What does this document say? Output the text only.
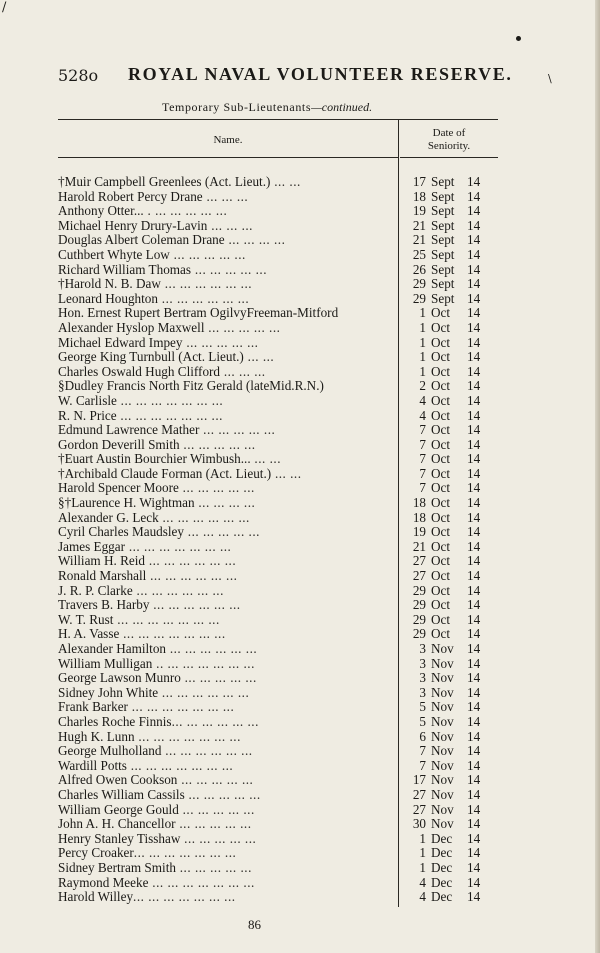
/
528o ROYAL NAVAL VOLUNTEER RESERVE.	\
Temporary Sub-Lieutenants—continued.
Name.
Date of
Seniority.
†Muir Campbell Greenlees (Act. Lieut.) ... ...	17 Sept 14
Harold Robert Percy Drane ... ... ...	18 Sept 14
Anthony Otter... . ... ... ... ... ...	19 Sept 14
Michael Henry Drury-Lavin ... ... ...	21 Sept 14
Douglas Albert Coleman Drane ... ... ... ...	21 Sept 14
Cuthbert Whyte Low ... ... ... ... ...	25 Sept 14
Richard William Thomas ... ... ... ... ...	26 Sept 14
†Harold N. B. Daw ... ... ... ... ... ...	29 Sept 14
Leonard Houghton ... ... ... ... ... ...	29 Sept 14
Hon. Ernest Rupert Bertram OgilvyFreeman-Mitford	1 Oct	14
Alexander Hyslop Maxwell ... ... ... ... ...	1 Oct	14
Michael Edward Impey ... ... ... ... ...	1 Oct	14
George King Turnbull (Act. Lieut.) ... ...	1 Oct	14
Charles Oswald Hugh Clifford ... ... ...	1 Oct	14
§Dudley Francis North Fitz Gerald (lateMid.R.N.)	2 Oct	14
W. Carlisle ... ... ... ... ... ... ...	4 Oct	14
R. N. Price ... ... ... ... ... ... ...	4 Oct	14
Edmund Lawrence Mather ... ... ... ... ...	7 Oct	14
Gordon Deverill Smith ... ... ... ... ...	7 Oct	14
†Euart Austin Bourchier Wimbush... ... ...	7 Oct	14
†Archibald Claude Forman (Act. Lieut.) ... ...	7 Oct	14
Harold Spencer Moore ... ... ... ... ...	7 Oct	14
§†Laurence H. Wightman ... ... ... ...	18 Oct	14
Alexander G. Leck ... ... ... ... ... ...	18 Oct	14
Cyril Charles Maudsley ... ... ... ... ...	19 Oct	14
James Eggar ... ... ... ... ... ... ...	21 Oct	14
William H. Reid ... ... ... ... ... ...	27 Oct	14
Ronald Marshall ... ... ... ... ... ...	27 Oct	14
J. R. P. Clarke ... ... ... ... ... ...	29 Oct	14
Travers B. Harby ... ... ... ... ... ...	29 Oct	14
W. T. Rust ... ... ... ... ... ... ...	29 Oct	14
H. A. Vasse ... ... ... ... ... ... ...	29 Oct	14
Alexander Hamilton ... ... ... ... ... ...	3 Nov	14
William Mulligan .. ... ... ... ... ... ...	3 Nov	14
George Lawson Munro ... ... ... ... ...	3 Nov	14
Sidney John White ... ... ... ... ... ...	3 Nov	14
Frank Barker ... ... ... ... ... ... ...	5 Nov	14
Charles Roche Finnis... ... ... ... ... ...	5 Nov	14
Hugh K. Lunn ... ... ... ... ... ... ...	6 Nov	14
George Mulholland ... ... ... ... ... ...	7 Nov	14
Wardill Potts ... ... ... ... ... ... ...	7 Nov	14
Alfred Owen Cookson ... ... ... ... ...	17 Nov	14
Charles William Cassils ... ... ... ... ...	27 Nov	14
William George Gould ... ... ... ... ...	27 Nov	14
John A. H. Chancellor ... ... ... ... ...	30 Nov	14
Henry Stanley Tisshaw ... ... ... ... ...	1 Dec	14
Percy Croaker... ... ... ... ... ... ...	1 Dec	14
Sidney Bertram Smith ... ... ... ... ...	1 Dec	14
Raymond Meeke ... ... ... ... ... ... ...	4 Dec	14
Harold Willey... ... ... ... ... ... ...	4 Dec	14
86
